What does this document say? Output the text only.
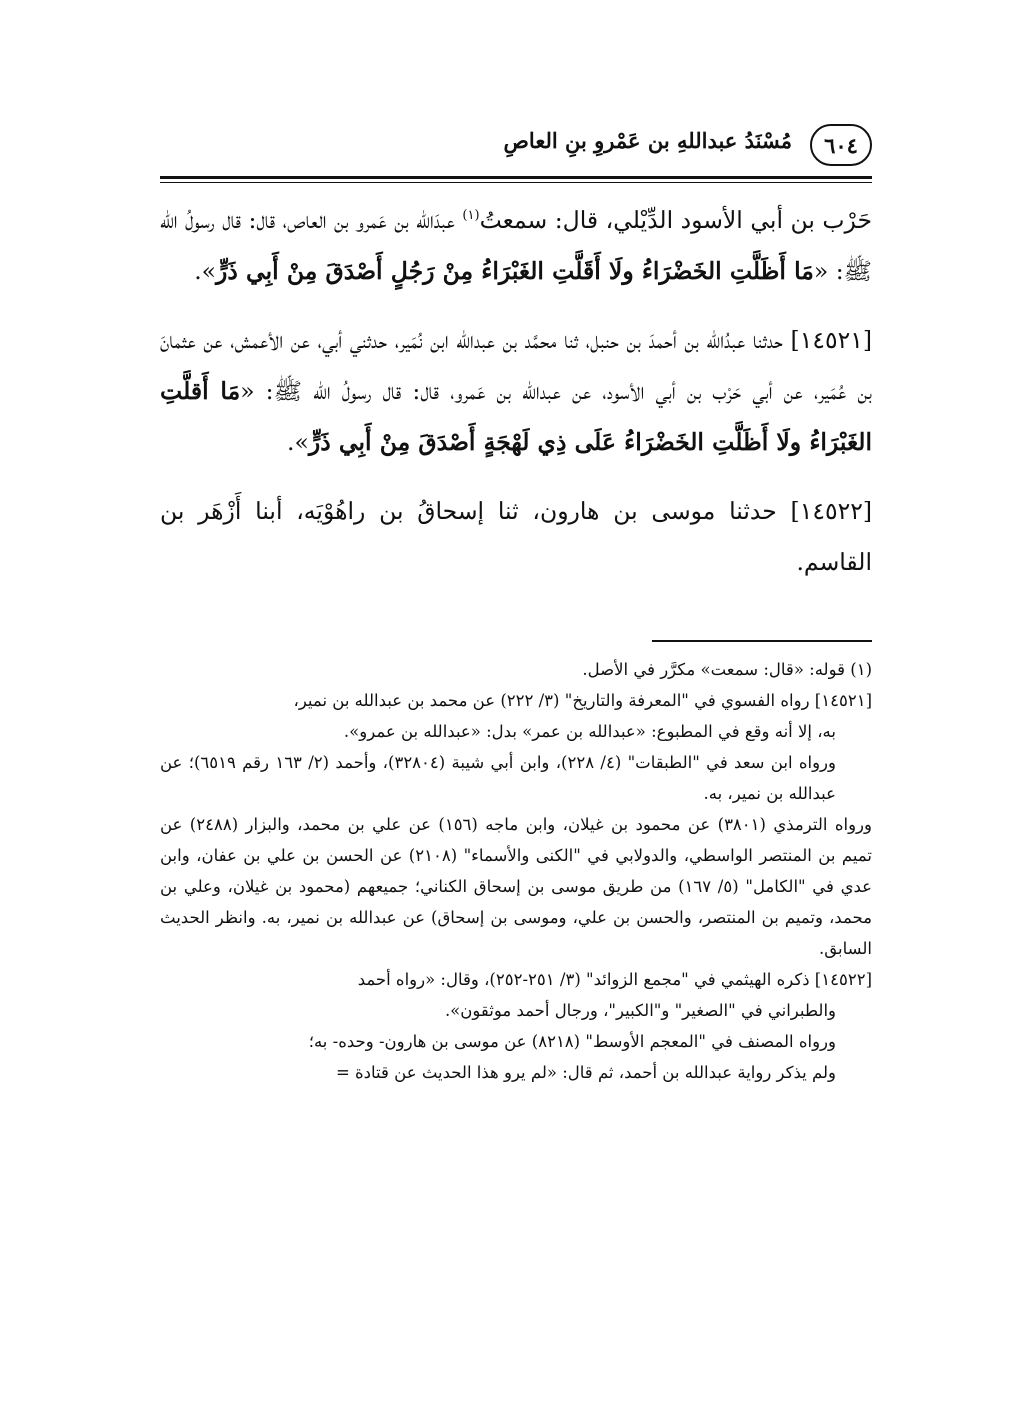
٦٠٤
مُسْنَدُ عبداللهِ بن عَمْروِ بنِ العاصِ

حَرْب بن أبي الأسود الدِّيْلي، قال: سمعتُ$^{(١)}$ عبدَالله بن عَمرو بن العاص، قال: قال رسولُ الله ﷺ: «مَا أَظَلَّتِ الخَضْرَاءُ ولَا أَقَلَّتِ الغَبْرَاءُ مِنْ رَجُلٍ أَصْدَقَ مِنْ أَبِي ذَرٍّ».

[١٤٥٢١] حدثنا عبدُالله بن أحمدَ بن حنبل، ثنا محمَّد بن عبدالله ابن نُمَير، حدثني أبي، عن الأعمش، عن عثمانَ بن عُمَير، عن أبي حَرْب بن أبي الأسود، عن عبدالله بن عَمرو، قال: قال رسولُ الله ﷺ: «مَا أَقلَّتِ الغَبْرَاءُ ولَا أَظَلَّتِ الخَضْرَاءُ عَلَى ذِي لَهْجَةٍ أَصْدَقَ مِنْ أَبِي ذَرٍّ».

[١٤٥٢٢] حدثنا موسى بن هارون، ثنا إسحاقُ بن راهُوْيَه، أبنا أَزْهَر بن القاسم.

(١) قوله: «قال: سمعت» مكرَّر في الأصل.

[١٤٥٢١] رواه الفسوي في "المعرفة والتاريخ" (٣/ ٢٢٢) عن محمد بن عبدالله بن نمير،

به، إلا أنه وقع في المطبوع: «عبدالله بن عمر» بدل: «عبدالله بن عمرو».

ورواه ابن سعد في "الطبقات" (٤/ ٢٢٨)، وابن أبي شيبة (٣٢٨٠٤)، وأحمد (٢/ ١٦٣ رقم ٦٥١٩)؛ عن عبدالله بن نمير، به.

ورواه الترمذي (٣٨٠١) عن محمود بن غيلان، وابن ماجه (١٥٦) عن علي بن محمد، والبزار (٢٤٨٨) عن تميم بن المنتصر الواسطي، والدولابي في "الكنى والأسماء" (٢١٠٨) عن الحسن بن علي بن عفان، وابن عدي في "الكامل" (٥/ ١٦٧) من طريق موسى بن إسحاق الكناني؛ جميعهم (محمود بن غيلان، وعلي بن محمد، وتميم بن المنتصر، والحسن بن علي، وموسى بن إسحاق) عن عبدالله بن نمير، به. وانظر الحديث السابق.

[١٤٥٢٢] ذكره الهيثمي في "مجمع الزوائد" (٣/ ٢٥١-٢٥٢)، وقال: «رواه أحمد

والطبراني في "الصغير" و"الكبير"، ورجال أحمد موثقون».

ورواه المصنف في "المعجم الأوسط" (٨٢١٨) عن موسى بن هارون- وحده- به؛

ولم يذكر رواية عبدالله بن أحمد، ثم قال: «لم يرو هذا الحديث عن قتادة =
